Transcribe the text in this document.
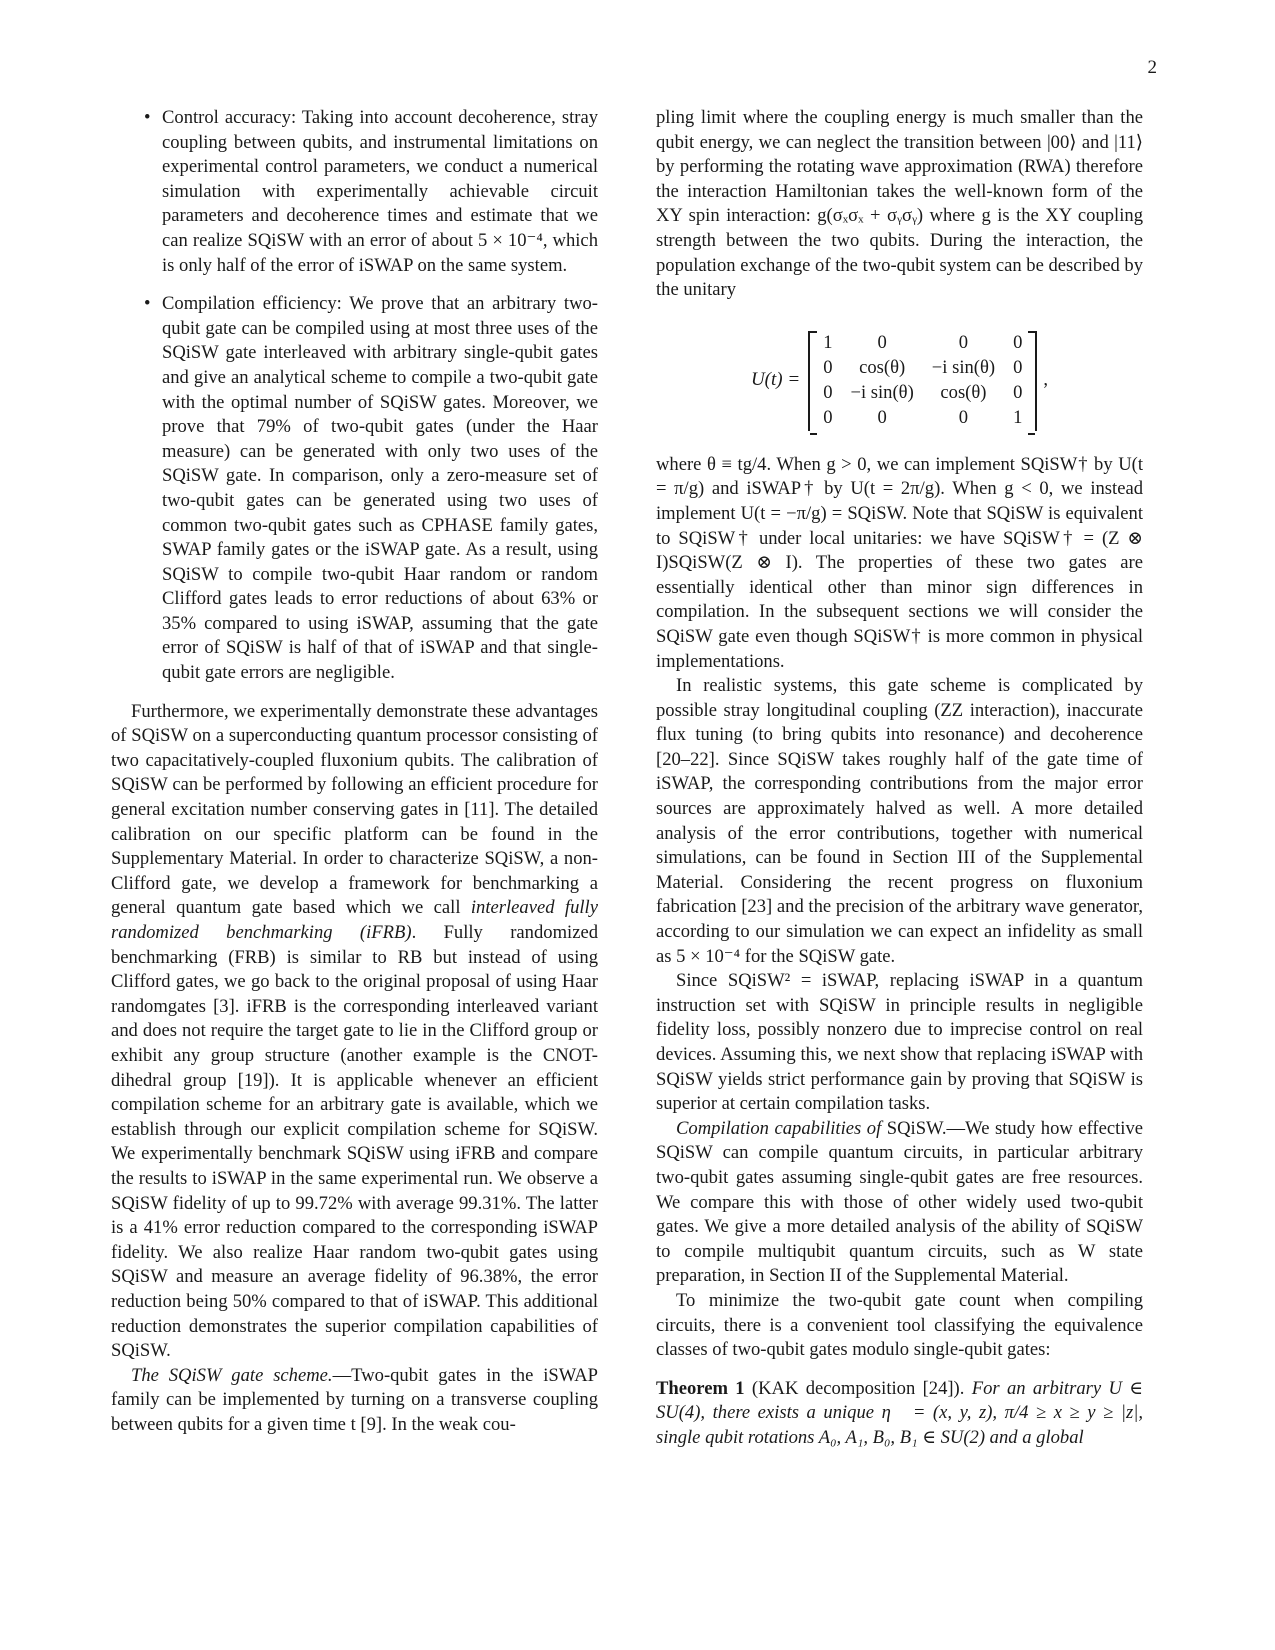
2
• Control accuracy: Taking into account decoherence, stray coupling between qubits, and instrumental limitations on experimental control parameters, we conduct a numerical simulation with experimentally achievable circuit parameters and decoherence times and estimate that we can realize SQiSW with an error of about 5 × 10⁻⁴, which is only half of the error of iSWAP on the same system.
• Compilation efficiency: We prove that an arbitrary two-qubit gate can be compiled using at most three uses of the SQiSW gate interleaved with arbitrary single-qubit gates and give an analytical scheme to compile a two-qubit gate with the optimal number of SQiSW gates. Moreover, we prove that 79% of two-qubit gates (under the Haar measure) can be generated with only two uses of the SQiSW gate. In comparison, only a zero-measure set of two-qubit gates can be generated using two uses of common two-qubit gates such as CPHASE family gates, SWAP family gates or the iSWAP gate. As a result, using SQiSW to compile two-qubit Haar random or random Clifford gates leads to error reductions of about 63% or 35% compared to using iSWAP, assuming that the gate error of SQiSW is half of that of iSWAP and that single-qubit gate errors are negligible.

Furthermore, we experimentally demonstrate these advantages of SQiSW on a superconducting quantum processor consisting of two capacitatively-coupled fluxonium qubits. The calibration of SQiSW can be performed by following an efficient procedure for general excitation number conserving gates in [11]. The detailed calibration on our specific platform can be found in the Supplementary Material. In order to characterize SQiSW, a non-Clifford gate, we develop a framework for benchmarking a general quantum gate based which we call interleaved fully randomized benchmarking (iFRB). Fully randomized benchmarking (FRB) is similar to RB but instead of using Clifford gates, we go back to the original proposal of using Haar randomgates [3]. iFRB is the corresponding interleaved variant and does not require the target gate to lie in the Clifford group or exhibit any group structure (another example is the CNOT-dihedral group [19]). It is applicable whenever an efficient compilation scheme for an arbitrary gate is available, which we establish through our explicit compilation scheme for SQiSW. We experimentally benchmark SQiSW using iFRB and compare the results to iSWAP in the same experimental run. We observe a SQiSW fidelity of up to 99.72% with average 99.31%. The latter is a 41% error reduction compared to the corresponding iSWAP fidelity. We also realize Haar random two-qubit gates using SQiSW and measure an average fidelity of 96.38%, the error reduction being 50% compared to that of iSWAP. This additional reduction demonstrates the superior compilation capabilities of SQiSW.

The SQiSW gate scheme.—Two-qubit gates in the iSWAP family can be implemented by turning on a transverse coupling between qubits for a given time t [9]. In the weak cou-

pling limit where the coupling energy is much smaller than the qubit energy, we can neglect the transition between |00⟩ and |11⟩ by performing the rotating wave approximation (RWA) therefore the interaction Hamiltonian takes the well-known form of the XY spin interaction: g(σₓσₓ + σᵧσᵧ) where g is the XY coupling strength between the two qubits. During the interaction, the population exchange of the two-qubit system can be described by the unitary

U(t) =
1	0	0	0
0	cos(θ)	−i sin(θ)	0
0	−i sin(θ)	cos(θ)	0
0	0	0	1
,

where θ ≡ tg/4. When g > 0, we can implement SQiSW† by U(t = π/g) and iSWAP† by U(t = 2π/g). When g < 0, we instead implement U(t = −π/g) = SQiSW. Note that SQiSW is equivalent to SQiSW† under local unitaries: we have SQiSW† = (Z ⊗ I)SQiSW(Z ⊗ I). The properties of these two gates are essentially identical other than minor sign differences in compilation. In the subsequent sections we will consider the SQiSW gate even though SQiSW† is more common in physical implementations.

In realistic systems, this gate scheme is complicated by possible stray longitudinal coupling (ZZ interaction), inaccurate flux tuning (to bring qubits into resonance) and decoherence [20–22]. Since SQiSW takes roughly half of the gate time of iSWAP, the corresponding contributions from the major error sources are approximately halved as well. A more detailed analysis of the error contributions, together with numerical simulations, can be found in Section III of the Supplemental Material. Considering the recent progress on fluxonium fabrication [23] and the precision of the arbitrary wave generator, according to our simulation we can expect an infidelity as small as 5 × 10⁻⁴ for the SQiSW gate.

Since SQiSW² = iSWAP, replacing iSWAP in a quantum instruction set with SQiSW in principle results in negligible fidelity loss, possibly nonzero due to imprecise control on real devices. Assuming this, we next show that replacing iSWAP with SQiSW yields strict performance gain by proving that SQiSW is superior at certain compilation tasks.

Compilation capabilities of SQiSW.—We study how effective SQiSW can compile quantum circuits, in particular arbitrary two-qubit gates assuming single-qubit gates are free resources. We compare this with those of other widely used two-qubit gates. We give a more detailed analysis of the ability of SQiSW to compile multiqubit quantum circuits, such as W state preparation, in Section II of the Supplemental Material.

To minimize the two-qubit gate count when compiling circuits, there is a convenient tool classifying the equivalence classes of two-qubit gates modulo single-qubit gates:

Theorem 1 (KAK decomposition [24]). For an arbitrary U ∈ SU(4), there exists a unique η⃗ = (x, y, z), π/4 ≥ x ≥ y ≥ |z|, single qubit rotations A₀, A₁, B₀, B₁ ∈ SU(2) and a global
